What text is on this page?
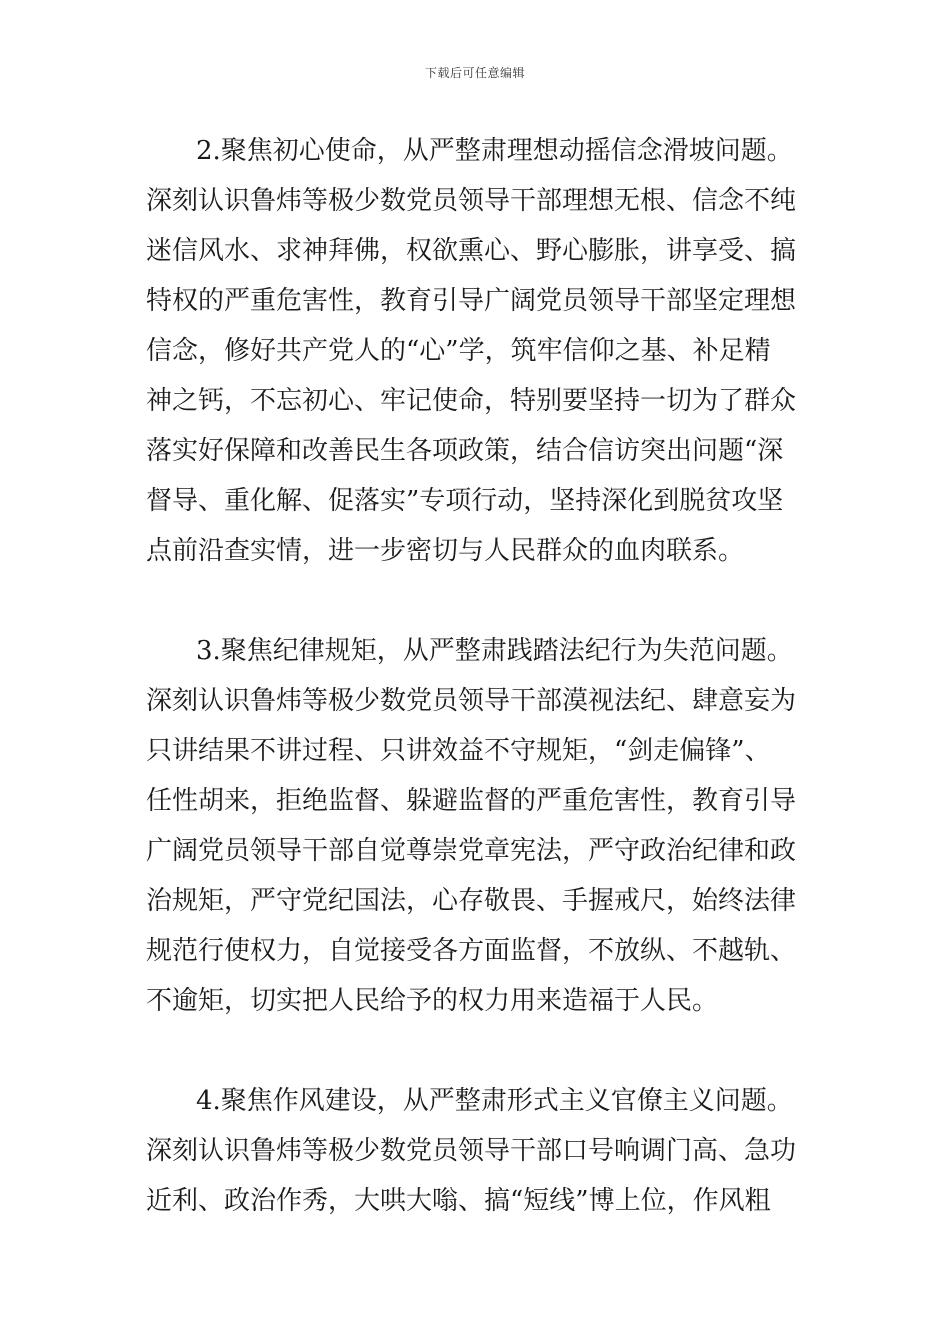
下载后可任意编辑
2.聚焦初心使命，从严整肃理想动摇信念滑坡问题。
深刻认识鲁炜等极少数党员领导干部理想无根、信念不纯
迷信风水、求神拜佛，权欲熏心、野心膨胀，讲享受、搞
特权的严重危害性，教育引导广阔党员领导干部坚定理想
信念，修好共产党人的“心”学，筑牢信仰之基、补足精
神之钙，不忘初心、牢记使命，特别要坚持一切为了群众
落实好保障和改善民生各项政策，结合信访突出问题“深
督导、重化解、促落实”专项行动，坚持深化到脱贫攻坚
点前沿查实情，进一步密切与人民群众的血肉联系。
3.聚焦纪律规矩，从严整肃践踏法纪行为失范问题。
深刻认识鲁炜等极少数党员领导干部漠视法纪、肆意妄为
只讲结果不讲过程、只讲效益不守规矩，“剑走偏锋”、
任性胡来，拒绝监督、躲避监督的严重危害性，教育引导
广阔党员领导干部自觉尊崇党章宪法，严守政治纪律和政
治规矩，严守党纪国法，心存敬畏、手握戒尺，始终法律
规范行使权力，自觉接受各方面监督，不放纵、不越轨、
不逾矩，切实把人民给予的权力用来造福于人民。
4.聚焦作风建设，从严整肃形式主义官僚主义问题。
深刻认识鲁炜等极少数党员领导干部口号响调门高、急功
近利、政治作秀，大哄大嗡、搞“短线”博上位，作风粗
